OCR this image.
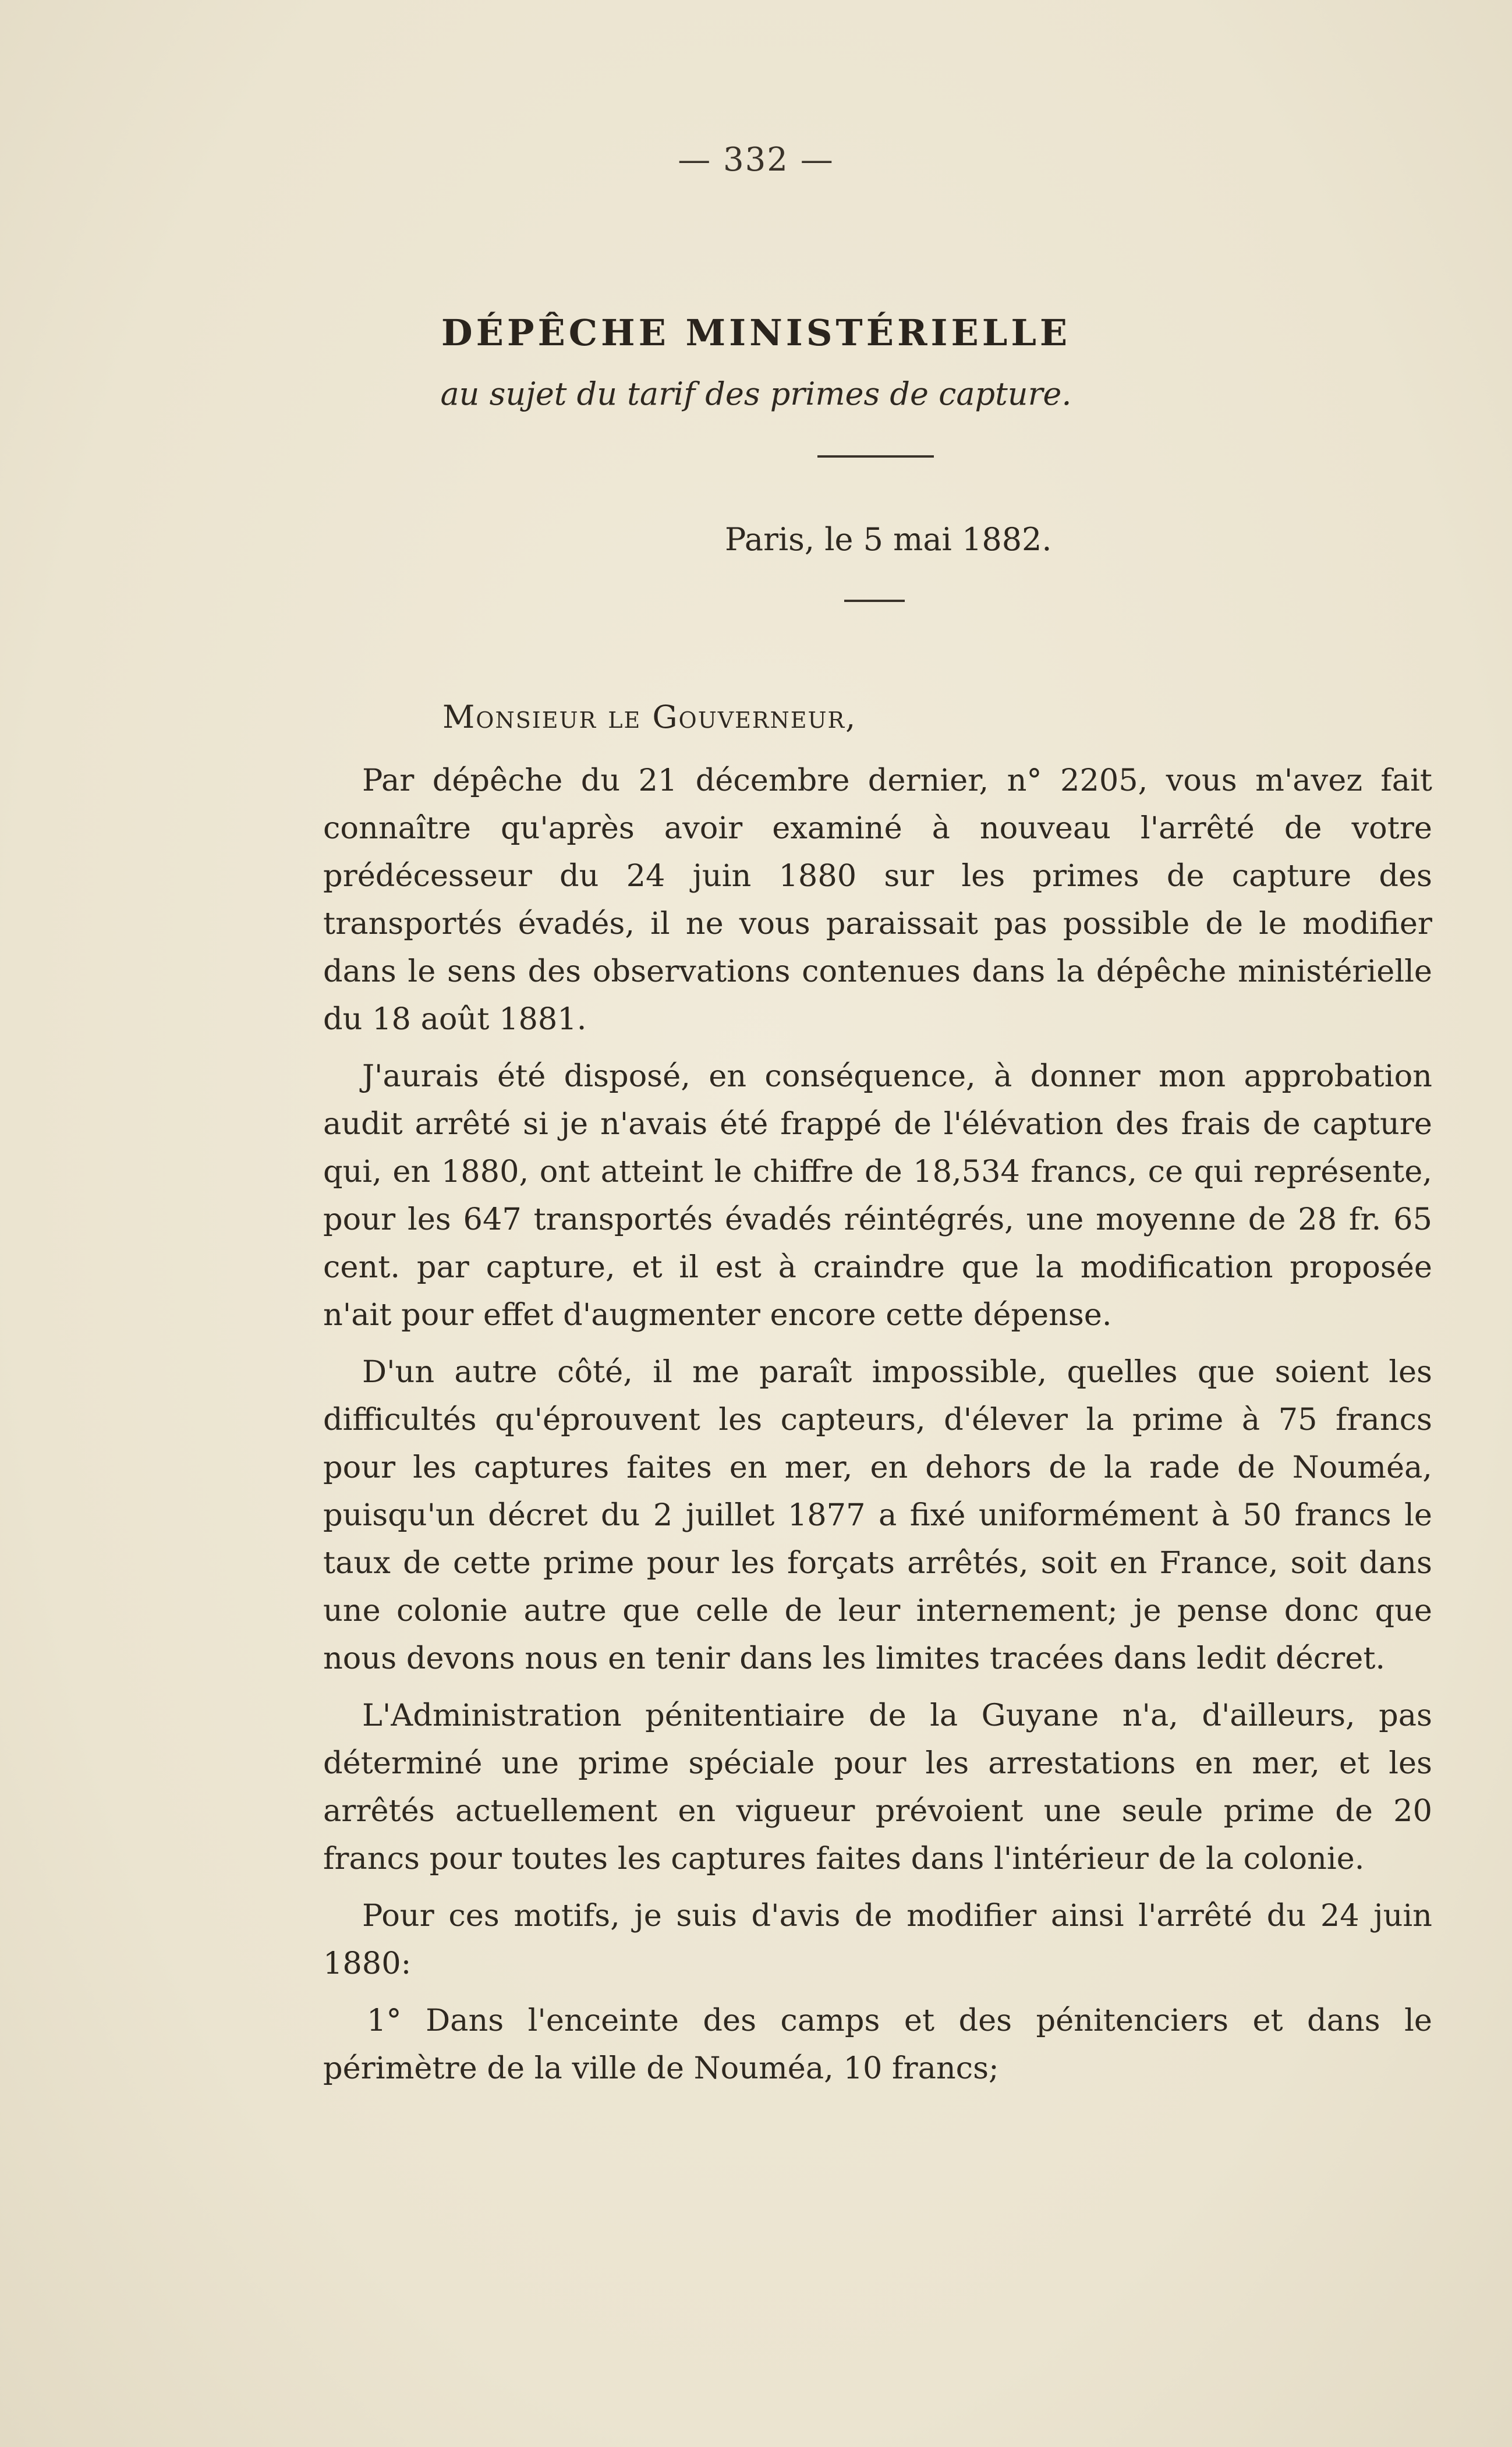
— 332 —
DÉPÊCHE MINISTÉRIELLE
au sujet du tarif des primes de capture.
Paris, le 5 mai 1882.
Monsieur le Gouverneur,

Par dépêche du 21 décembre dernier, n° 2205, vous m'avez fait connaître qu'après avoir examiné à nouveau l'arrêté de votre prédécesseur du 24 juin 1880 sur les primes de capture des transportés évadés, il ne vous paraissait pas possible de le modifier dans le sens des observations contenues dans la dépêche ministérielle du 18 août 1881.

J'aurais été disposé, en conséquence, à donner mon approbation audit arrêté si je n'avais été frappé de l'élévation des frais de capture qui, en 1880, ont atteint le chiffre de 18,534 francs, ce qui représente, pour les 647 transportés évadés réintégrés, une moyenne de 28 fr. 65 cent. par capture, et il est à craindre que la modification proposée n'ait pour effet d'augmenter encore cette dépense.

D'un autre côté, il me paraît impossible, quelles que soient les difficultés qu'éprouvent les capteurs, d'élever la prime à 75 francs pour les captures faites en mer, en dehors de la rade de Nouméa, puisqu'un décret du 2 juillet 1877 a fixé uniformément à 50 francs le taux de cette prime pour les forçats arrêtés, soit en France, soit dans une colonie autre que celle de leur internement; je pense donc que nous devons nous en tenir dans les limites tracées dans ledit décret.

L'Administration pénitentiaire de la Guyane n'a, d'ailleurs, pas déterminé une prime spéciale pour les arrestations en mer, et les arrêtés actuellement en vigueur prévoient une seule prime de 20 francs pour toutes les captures faites dans l'intérieur de la colonie.

Pour ces motifs, je suis d'avis de modifier ainsi l'arrêté du 24 juin 1880:

1° Dans l'enceinte des camps et des pénitenciers et dans le périmètre de la ville de Nouméa, 10 francs;
